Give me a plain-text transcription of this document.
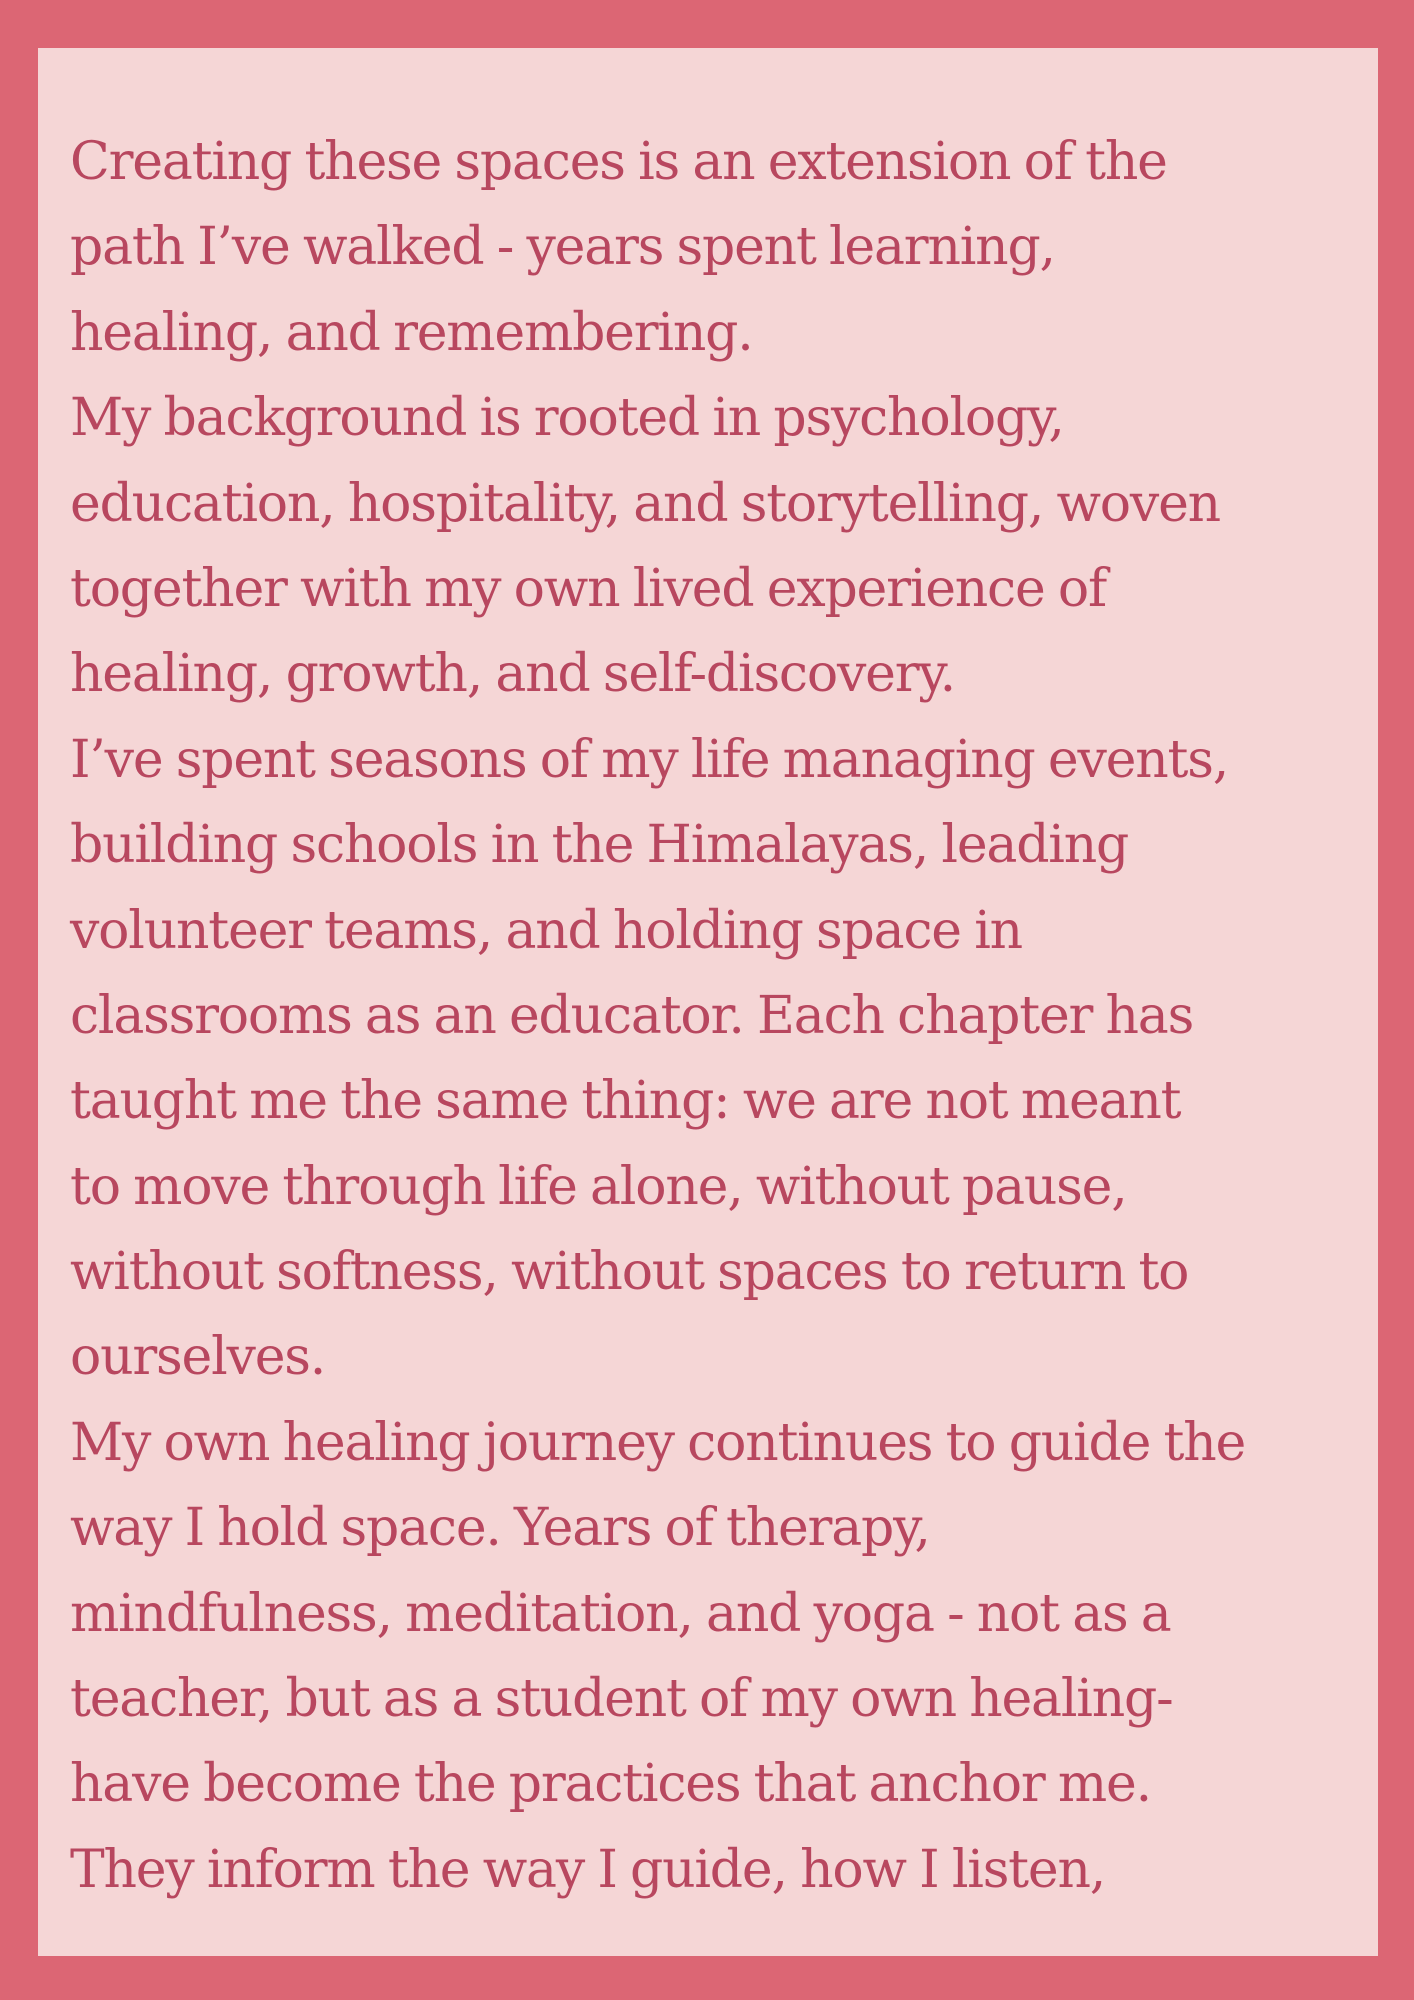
Creating these spaces is an extension of the
path I’ve walked - years spent learning,
healing, and remembering.

My background is rooted in psychology,
education, hospitality, and storytelling, woven
together with my own lived experience of
healing, growth, and self-discovery.

I’ve spent seasons of my life managing events,
building schools in the Himalayas, leading
volunteer teams, and holding space in
classrooms as an educator. Each chapter has
taught me the same thing: we are not meant
to move through life alone, without pause,
without softness, without spaces to return to
ourselves.

My own healing journey continues to guide the
way I hold space. Years of therapy,
mindfulness, meditation, and yoga - not as a
teacher, but as a student of my own healing-
have become the practices that anchor me.
They inform the way I guide, how I listen,
